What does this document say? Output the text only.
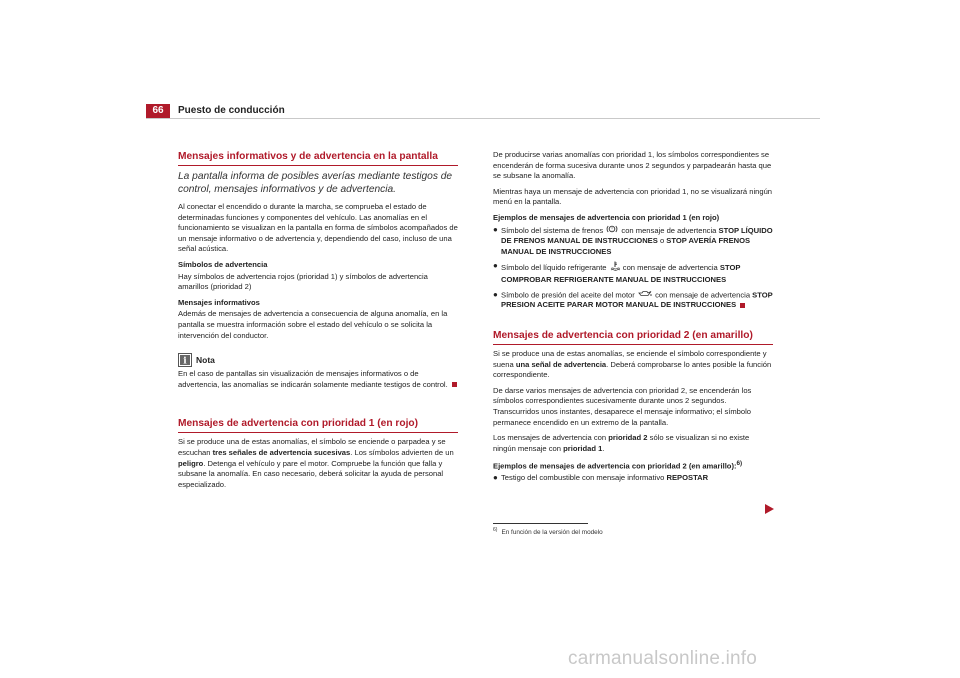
66	Puesto de conducción
Mensajes informativos y de advertencia en la pantalla
La pantalla informa de posibles averías mediante testigos de control, mensajes informativos y de advertencia.

Al conectar el encendido o durante la marcha, se comprueba el estado de determinadas funciones y componentes del vehículo. Las anomalías en el funcionamiento se visualizan en la pantalla en forma de símbolos acompañados de un mensaje informativo o de advertencia y, dependiendo del caso, incluso de una señal acústica.

Símbolos de advertencia

Hay símbolos de advertencia rojos (prioridad 1) y símbolos de advertencia amarillos (prioridad 2)

Mensajes informativos

Además de mensajes de advertencia a consecuencia de alguna anomalía, en la pantalla se muestra información sobre el estado del vehículo o se solicita la intervención del conductor.

i Nota

En el caso de pantallas sin visualización de mensajes informativos o de advertencia, las anomalías se indicarán solamente mediante testigos de control.

Mensajes de advertencia con prioridad 1 (en rojo)

Si se produce una de estas anomalías, el símbolo se enciende o parpadea y se escuchan tres señales de advertencia sucesivas. Los símbolos advierten de un peligro. Detenga el vehículo y pare el motor. Compruebe la función que falla y subsane la anomalía. En caso necesario, deberá solicitar la ayuda de personal especializado.

De producirse varias anomalías con prioridad 1, los símbolos correspondientes se encenderán de forma sucesiva durante unos 2 segundos y parpadearán hasta que se subsane la anomalía.

Mientras haya un mensaje de advertencia con prioridad 1, no se visualizará ningún menú en la pantalla.

Ejemplos de mensajes de advertencia con prioridad 1 (en rojo)
● Símbolo del sistema de frenos ! con mensaje de advertencia STOP LÍQUIDO DE FRENOS MANUAL DE INSTRUCCIONES o STOP AVERÍA FRENOS MANUAL DE INSTRUCCIONES
● Símbolo del líquido refrigerante con mensaje de advertencia STOP COMPROBAR REFRIGERANTE MANUAL DE INSTRUCCIONES
● Símbolo de presión del aceite del motor	con mensaje de advertencia STOP PRESION ACEITE PARAR MOTOR MANUAL DE INSTRUCCIONES
Mensajes de advertencia con prioridad 2 (en amarillo)

Si se produce una de estas anomalías, se enciende el símbolo correspondiente y suena una señal de advertencia. Deberá comprobarse lo antes posible la función correspondiente.

De darse varios mensajes de advertencia con prioridad 2, se encenderán los símbolos correspondientes sucesivamente durante unos 2 segundos. Transcurridos unos instantes, desaparece el mensaje informativo; el símbolo permanece encendido en un extremo de la pantalla.

Los mensajes de advertencia con prioridad 2 sólo se visualizan si no existe ningún mensaje con prioridad 1.

Ejemplos de mensajes de advertencia con prioridad 2 (en amarillo):$^{6)}$
● Testigo del combustible con mensaje informativo REPOSTAR
$^{6)}$ En función de la versión del modelo
carmanualsonline.info
